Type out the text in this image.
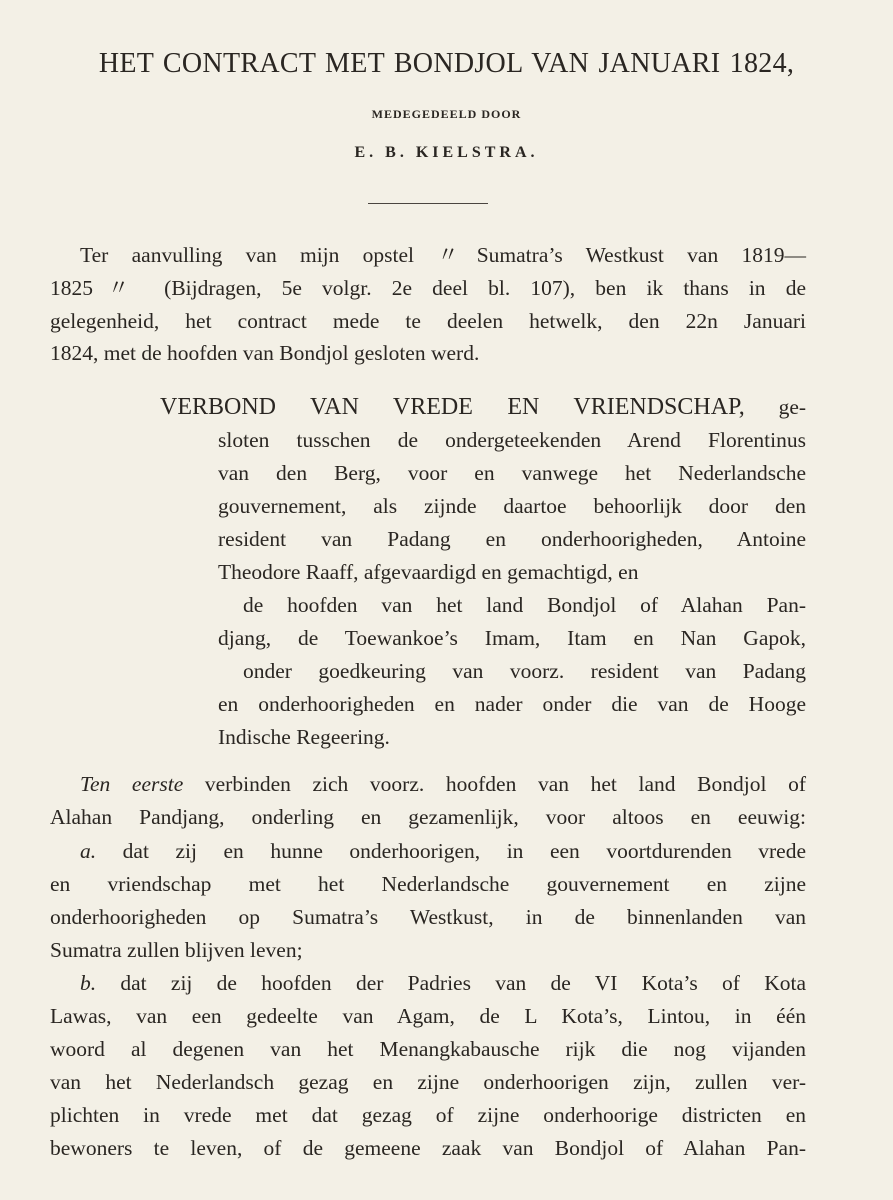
HET CONTRACT MET BONDJOL VAN JANUARI 1824,
MEDEGEDEELD DOOR
E. B. KIELSTRA.
Ter aanvulling van mijn opstel 〃Sumatra’s Westkust van 1819—
1825〃 (Bijdragen, 5e volgr. 2e deel bl. 107), ben ik thans in de
gelegenheid, het contract mede te deelen hetwelk, den 22n Januari
1824, met de hoofden van Bondjol gesloten werd.
VERBOND VAN VREDE EN VRIENDSCHAP, ge-
sloten tusschen de ondergeteekenden Arend Florentinus
van den Berg, voor en vanwege het Nederlandsche
gouvernement, als zijnde daartoe behoorlijk door den
resident van Padang en onderhoorigheden, Antoine
Theodore Raaff, afgevaardigd en gemachtigd, en
de hoofden van het land Bondjol of Alahan Pan-
djang, de Toewankoe’s Imam, Itam en Nan Gapok,
onder goedkeuring van voorz. resident van Padang
en onderhoorigheden en nader onder die van de Hooge
Indische Regeering.
Ten eerste verbinden zich voorz. hoofden van het land Bondjol of
Alahan Pandjang, onderling en gezamenlijk, voor altoos en eeuwig:
a. dat zij en hunne onderhoorigen, in een voortdurenden vrede
en vriendschap met het Nederlandsche gouvernement en zijne
onderhoorigheden op Sumatra’s Westkust, in de binnenlanden van
Sumatra zullen blijven leven;
b. dat zij de hoofden der Padries van de VI Kota’s of Kota
Lawas, van een gedeelte van Agam, de L Kota’s, Lintou, in één
woord al degenen van het Menangkabausche rijk die nog vijanden
van het Nederlandsch gezag en zijne onderhoorigen zijn, zullen ver-
plichten in vrede met dat gezag of zijne onderhoorige districten en
bewoners te leven, of de gemeene zaak van Bondjol of Alahan Pan-
